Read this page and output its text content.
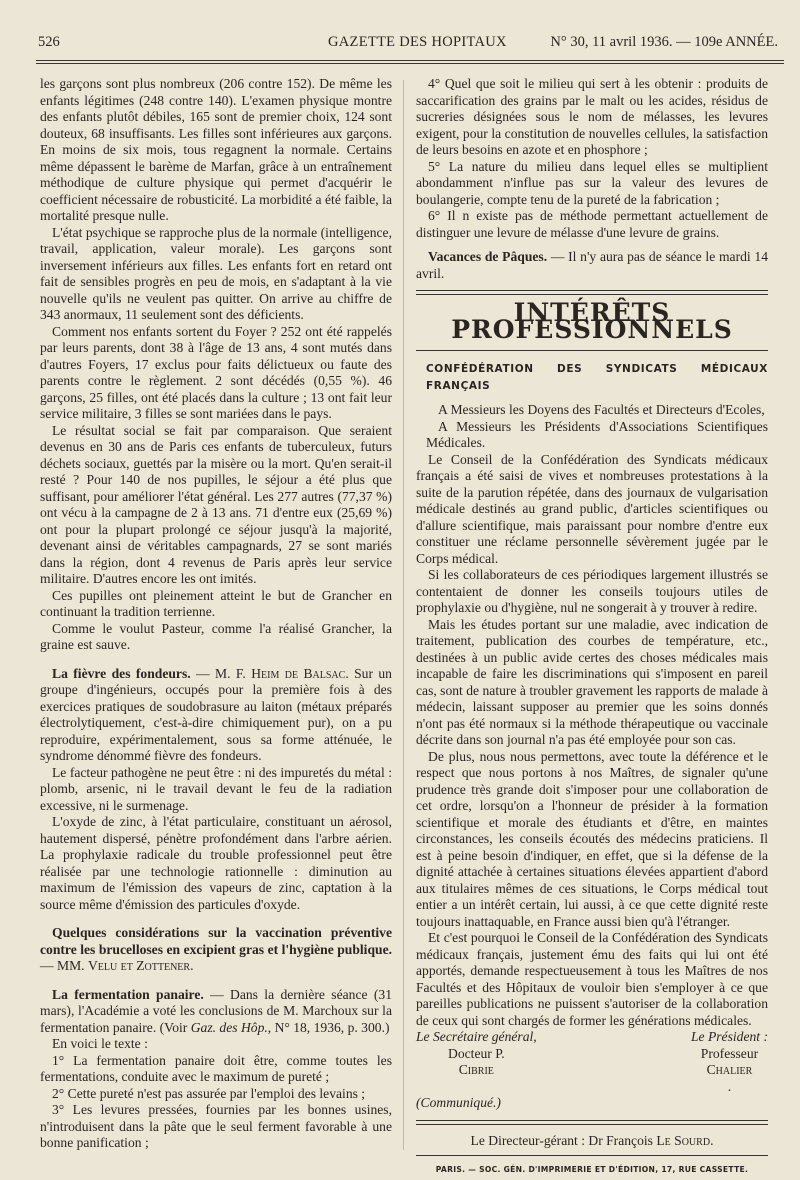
526	GAZETTE DES HOPITAUX	N° 30, 11 avril 1936. — 109e ANNÉE.

les garçons sont plus nombreux (206 contre 152). De même les enfants légitimes (248 contre 140). L'examen physique montre des enfants plutôt débiles, 165 sont de premier choix, 124 sont douteux, 68 insuffisants. Les filles sont inférieures aux garçons. En moins de six mois, tous regagnent la normale. Certains même dépassent le barème de Marfan, grâce à un entraînement méthodique de culture physique qui permet d'acquérir le coefficient nécessaire de robusticité. La morbidité a été faible, la mortalité presque nulle.

L'état psychique se rapproche plus de la normale (intelligence, travail, application, valeur morale). Les garçons sont inversement inférieurs aux filles. Les enfants fort en retard ont fait de sensibles progrès en peu de mois, en s'adaptant à la vie nouvelle qu'ils ne veulent pas quitter. On arrive au chiffre de 343 anormaux, 11 seulement sont des déficients.

Comment nos enfants sortent du Foyer ? 252 ont été rappelés par leurs parents, dont 38 à l'âge de 13 ans, 4 sont mutés dans d'autres Foyers, 17 exclus pour faits délictueux ou faute des parents contre le règlement. 2 sont décédés (0,55 %). 46 garçons, 25 filles, ont été placés dans la culture ; 13 ont fait leur service militaire, 3 filles se sont mariées dans le pays.

Le résultat social se fait par comparaison. Que seraient devenus en 30 ans de Paris ces enfants de tuberculeux, futurs déchets sociaux, guettés par la misère ou la mort. Qu'en serait-il resté ? Pour 140 de nos pupilles, le séjour a été plus que suffisant, pour améliorer l'état général. Les 277 autres (77,37 %) ont vécu à la campagne de 2 à 13 ans. 71 d'entre eux (25,69 %) ont pour la plupart prolongé ce séjour jusqu'à la majorité, devenant ainsi de véritables campagnards, 27 se sont mariés dans la région, dont 4 revenus de Paris après leur service militaire. D'autres encore les ont imités.

Ces pupilles ont pleinement atteint le but de Grancher en continuant la tradition terrienne.

Comme le voulut Pasteur, comme l'a réalisé Grancher, la graine est sauve.

La fièvre des fondeurs. — M. F. Heim de Balsac. Sur un groupe d'ingénieurs, occupés pour la première fois à des exercices pratiques de soudobrasure au laiton (métaux préparés électrolytiquement, c'est-à-dire chimiquement pur), on a pu reproduire, expérimentalement, sous sa forme atténuée, le syndrome dénommé fièvre des fondeurs.

Le facteur pathogène ne peut être : ni des impuretés du métal : plomb, arsenic, ni le travail devant le feu de la radiation excessive, ni le surmenage.

L'oxyde de zinc, à l'état particulaire, constituant un aérosol, hautement dispersé, pénètre profondément dans l'arbre aérien. La prophylaxie radicale du trouble professionnel peut être réalisée par une technologie rationnelle : diminution au maximum de l'émission des vapeurs de zinc, captation à la source même d'émission des particules d'oxyde.

Quelques considérations sur la vaccination préventive contre les brucelloses en excipient gras et l'hygiène publique. — MM. Velu et Zottener.

La fermentation panaire. — Dans la dernière séance (31 mars), l'Académie a voté les conclusions de M. Marchoux sur la fermentation panaire. (Voir Gaz. des Hôp., N° 18, 1936, p. 300.)

En voici le texte :

1° La fermentation panaire doit être, comme toutes les fermentations, conduite avec le maximum de pureté ;

2° Cette pureté n'est pas assurée par l'emploi des levains ;

3° Les levures pressées, fournies par les bonnes usines, n'introduisent dans la pâte que le seul ferment favorable à une bonne panification ;

4° Quel que soit le milieu qui sert à les obtenir : produits de saccarification des grains par le malt ou les acides, résidus de sucreries désignées sous le nom de mélasses, les levures exigent, pour la constitution de nouvelles cellules, la satisfaction de leurs besoins en azote et en phosphore ;

5° La nature du milieu dans lequel elles se multiplient abondamment n'influe pas sur la valeur des levures de boulangerie, compte tenu de la pureté de la fabrication ;

6° Il n existe pas de méthode permettant actuellement de distinguer une levure de mélasse d'une levure de grains.

Vacances de Pâques. — Il n'y aura pas de séance le mardi 14 avril.

INTÉRÊTS PROFESSIONNELS
CONFÉDÉRATION DES SYNDICATS MÉDICAUX FRANÇAIS

A Messieurs les Doyens des Facultés et Directeurs d'Ecoles,

A Messieurs les Présidents d'Associations Scientifiques Médicales.

Le Conseil de la Confédération des Syndicats médicaux français a été saisi de vives et nombreuses protestations à la suite de la parution répétée, dans des journaux de vulgarisation médicale destinés au grand public, d'articles scientifiques ou d'allure scientifique, mais paraissant pour nombre d'entre eux constituer une réclame personnelle sévèrement jugée par le Corps médical.

Si les collaborateurs de ces périodiques largement illustrés se contentaient de donner les conseils toujours utiles de prophylaxie ou d'hygiène, nul ne songerait à y trouver à redire.

Mais les études portant sur une maladie, avec indication de traitement, publication des courbes de température, etc., destinées à un public avide certes des choses médicales mais incapable de faire les discriminations qui s'imposent en pareil cas, sont de nature à troubler gravement les rapports de malade à médecin, laissant supposer au premier que les soins donnés n'ont pas été normaux si la méthode thérapeutique ou vaccinale décrite dans son journal n'a pas été employée pour son cas.

De plus, nous nous permettons, avec toute la déférence et le respect que nous portons à nos Maîtres, de signaler qu'une prudence très grande doit s'imposer pour une collaboration de cet ordre, lorsqu'on a l'honneur de présider à la formation scientifique et morale des étudiants et d'être, en maintes circonstances, les conseils écoutés des médecins praticiens. Il est à peine besoin d'indiquer, en effet, que si la défense de la dignité attachée à certaines situations élevées appartient d'abord aux titulaires mêmes de ces situations, le Corps médical tout entier a un intérêt certain, lui aussi, à ce que cette dignité reste toujours inattaquable, en France aussi bien qu'à l'étranger.

Et c'est pourquoi le Conseil de la Confédération des Syndicats médicaux français, justement ému des faits qui lui ont été apportés, demande respectueusement à tous les Maîtres de nos Facultés et des Hôpitaux de vouloir bien s'employer à ce que pareilles publications ne puissent s'autoriser de la collaboration de ceux qui sont chargés de former les générations médicales.

Le Secrétaire général,
Docteur P.
Cibrie
Le Président :
Professeur
Chalier
.

(Communiqué.)

Le Directeur-gérant : Dr François Le Sourd.
PARIS. — SOC. GÉN. D'IMPRIMERIE ET D'ÉDITION, 17, RUE CASSETTE.
